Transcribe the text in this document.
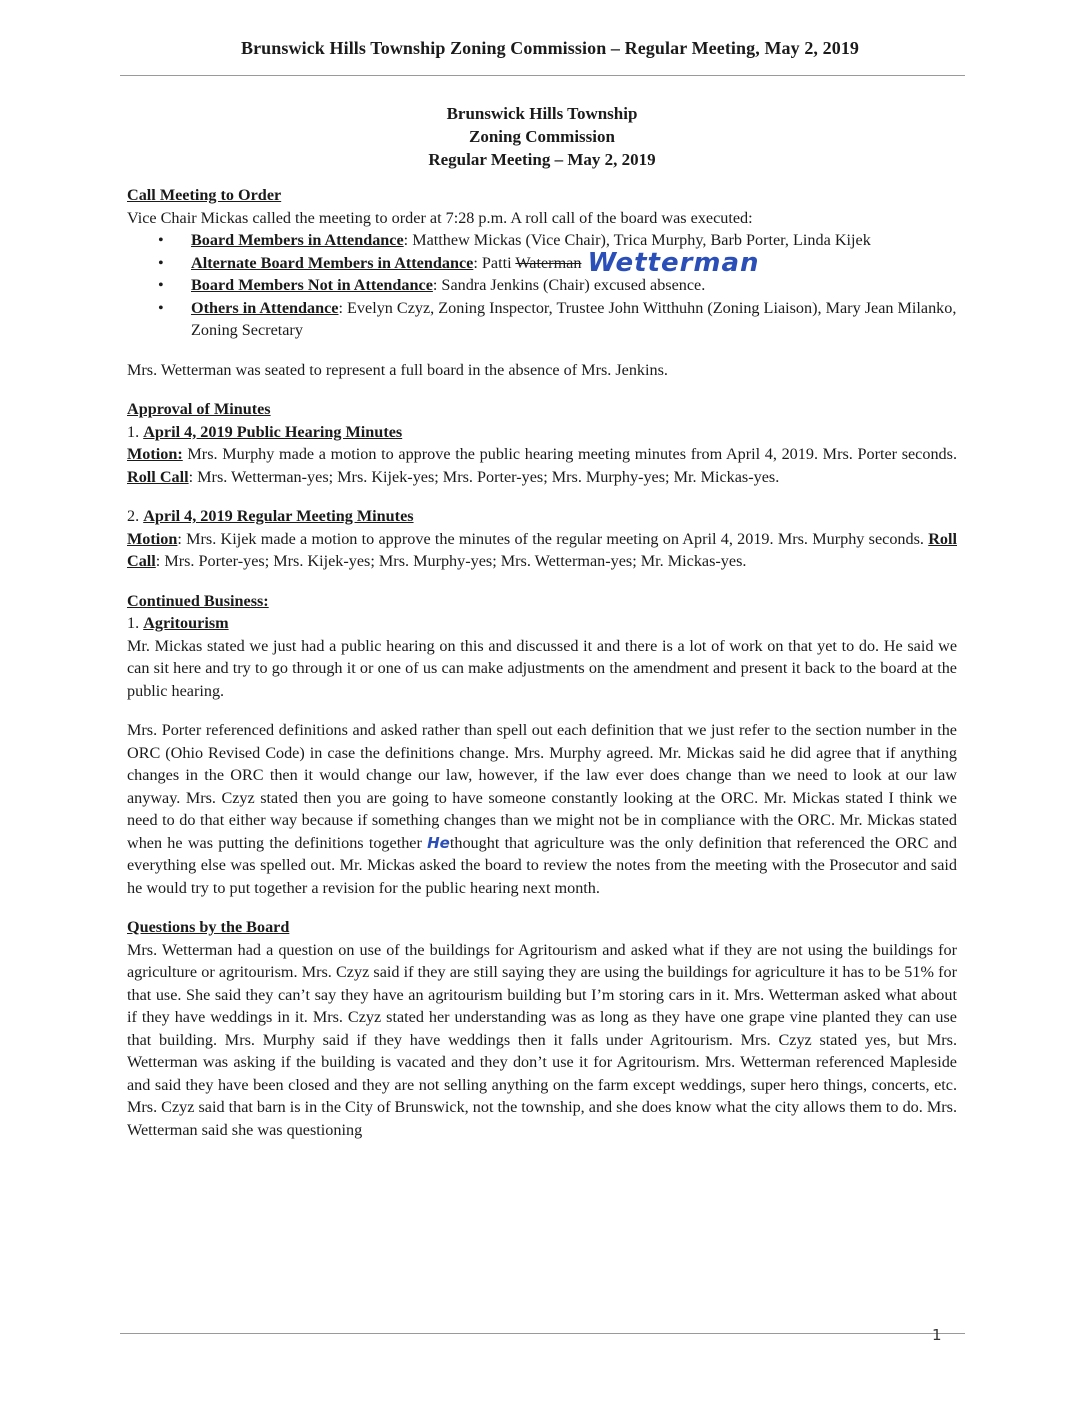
Brunswick Hills Township Zoning Commission – Regular Meeting, May 2, 2019
Brunswick Hills Township
Zoning Commission
Regular Meeting – May 2, 2019
Call Meeting to Order

Vice Chair Mickas called the meeting to order at 7:28 p.m. A roll call of the board was executed:

• Board Members in Attendance: Matthew Mickas (Vice Chair), Trica Murphy, Barb Porter, Linda Kijek
• Alternate Board Members in Attendance: Patti Waterman Wetterman
• Board Members Not in Attendance: Sandra Jenkins (Chair) excused absence.
• Others in Attendance: Evelyn Czyz, Zoning Inspector, Trustee John Witthuhn (Zoning Liaison), Mary Jean Milanko, Zoning Secretary

Mrs. Wetterman was seated to represent a full board in the absence of Mrs. Jenkins.

Approval of Minutes
1. April 4, 2019 Public Hearing Minutes

Motion: Mrs. Murphy made a motion to approve the public hearing meeting minutes from April 4, 2019. Mrs. Porter seconds. Roll Call: Mrs. Wetterman-yes; Mrs. Kijek-yes; Mrs. Porter-yes; Mrs. Murphy-yes; Mr. Mickas-yes.

2. April 4, 2019 Regular Meeting Minutes

Motion: Mrs. Kijek made a motion to approve the minutes of the regular meeting on April 4, 2019. Mrs. Murphy seconds. Roll Call: Mrs. Porter-yes; Mrs. Kijek-yes; Mrs. Murphy-yes; Mrs. Wetterman-yes; Mr. Mickas-yes.

Continued Business:
1. Agritourism

Mr. Mickas stated we just had a public hearing on this and discussed it and there is a lot of work on that yet to do. He said we can sit here and try to go through it or one of us can make adjustments on the amendment and present it back to the board at the public hearing.

Mrs. Porter referenced definitions and asked rather than spell out each definition that we just refer to the section number in the ORC (Ohio Revised Code) in case the definitions change. Mrs. Murphy agreed. Mr. Mickas said he did agree that if anything changes in the ORC then it would change our law, however, if the law ever does change than we need to look at our law anyway. Mrs. Czyz stated then you are going to have someone constantly looking at the ORC. Mr. Mickas stated I think we need to do that either way because if something changes than we might not be in compliance with the ORC. Mr. Mickas stated when he was putting the definitions together Hethought that agriculture was the only definition that referenced the ORC and everything else was spelled out. Mr. Mickas asked the board to review the notes from the meeting with the Prosecutor and said he would try to put together a revision for the public hearing next month.

Questions by the Board

Mrs. Wetterman had a question on use of the buildings for Agritourism and asked what if they are not using the buildings for agriculture or agritourism. Mrs. Czyz said if they are still saying they are using the buildings for agriculture it has to be 51% for that use. She said they can’t say they have an agritourism building but I’m storing cars in it. Mrs. Wetterman asked what about if they have weddings in it. Mrs. Czyz stated her understanding was as long as they have one grape vine planted they can use that building. Mrs. Murphy said if they have weddings then it falls under Agritourism. Mrs. Czyz stated yes, but Mrs. Wetterman was asking if the building is vacated and they don’t use it for Agritourism. Mrs. Wetterman referenced Mapleside and said they have been closed and they are not selling anything on the farm except weddings, super hero things, concerts, etc. Mrs. Czyz said that barn is in the City of Brunswick, not the township, and she does know what the city allows them to do. Mrs. Wetterman said she was questioning

1
